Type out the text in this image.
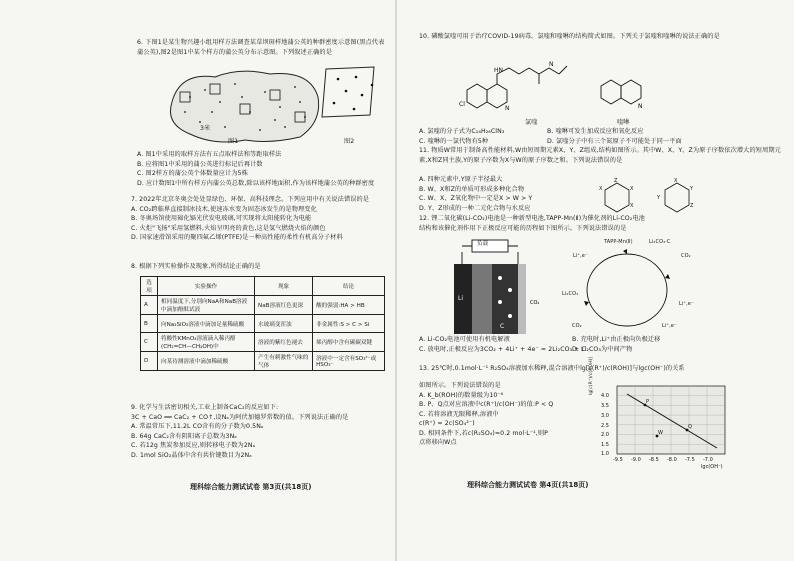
6. 下图1是某生物兴趣小组用样方法调查某草坝斑样地蒲公英的种群密度示意图(黑点代表蒲公英),图2是图1中某个样方的蒲公英分布示意图。下列叙述正确的是
3米
图1	图2
A. 图1中采用的取样方法有五点取样法和等距取样法
B. 应将图1中采用的蒲公英进行标记后再计数
C. 图2样方的蒲公英个体数量应计为5株
D. 应计数图1中所有样方内蒲公英总数,除以该样地面积,作为该样地蒲公英的种群密度
7. 2022年北京冬奥会处处显绿色、环保、高科技理念。下列应用中有关说法错误的是
A. CO₂跨临界直接制冰技术,使速冻水变为固态冰发生的是物理变化
B. 冬奥场馆使用碲化镉光伏发电玻璃,可实现将太阳能转化为电能
C. 火炬"飞扬"采用氢燃料,火焰呈明亮的黄色,这是氢气燃烧火焰的颜色
D. 国家速滑馆采用的聚四氟乙烯(PTFE)是一种高性能的柔性有机高分子材料
8. 根据下列实验操作及现象,所得结论正确的是
选项	实验操作	现象	结论
A	相同温度下,分别向NaA和NaB溶液中滴加酚酞试液	NaB溶液红色更深	酸的强弱:HA > HB
B	向Na₂SiO₃溶液中滴加足量稀硫酸	水玻璃变浑浊	非金属性:S > C > Si
C	将酸性KMnO₄溶液滴入稀丙醇(CH₂=CH—CH₂OH)中	溶液的紫红色褪去	烯丙醇中含有碳碳双键
D	向某待测溶液中滴加稀硫酸	产生有刺激性气味的气体	溶液中一定含有SO₃²⁻或HSO₃⁻
9. 化学与生活密切相关,工业上制备CaC₂的反应如下:
3C + CaO ══ CaC₂ + CO↑,设Nₐ为阿伏加德罗常数的值。下列说法正确的是
A. 常温常压下,11.2L CO含有的分子数为0.5Nₐ
B. 64g CaC₂含有阴阳离子总数为3Nₐ
C. 若12g 焦炭参加反应,则转移电子数为2Nₐ
D. 1mol SiO₂晶体中含有共价键数目为2Nₐ
理科综合能力测试试卷 第3页(共18页)
10. 磷酸氯喹可用于治疗COVID-19病毒。氯喹和喹啉的结构简式如图。下列关于氯喹和喹啉的说法正确的是
HN
Cl
N
N
氯喹
N
喹啉
A. 氯喹的分子式为C₁₈H₂₆ClN₃
C. 喹啉的一氯代物有5种
B. 喹啉可发生加成反应和氧化反应
D. 氯喹分子中有三个氮原子不可能处于同一平面
11. 物质W常用于制备高性能材料,W由短周期元素X、Y、Z组成,结构如图所示。其中W、X、Y、Z为原子序数依次增大的短周期元素,X和Z同主族,Y的原子序数为X与W的原子序数之和。下列说法错误的是
A. 四种元素中,Y原子半径最大
B. W、X和Z的单质可形成多种化合物
C. W、X、Z氧化物中一定是X > W > Y
D. Y、Z形成的一种二元化合物与水反应
Z
X
X
X
X
Y
Z
Y
12. 锂二氧化碳(Li-CO₂)电池是一种新型电池,TAPP-Mn(Ⅱ)为催化剂的Li-CO₂电池
结构和该催化剂作用下正极反应可能的历程如下图所示。下列说法错误的是
Li
C
CO₂
负载	TAPP-Mn(Ⅱ)	Li₂CO₃·C
Li⁺,e⁻	CO₂
Li₂CO₃
Li⁺,e⁻
CO₂	Li⁺,e⁻
A. Li-CO₂电池可使用有机电解液
C. 放电时,正极反应为3CO₂ + 4Li⁺ + 4e⁻ = 2Li₂CO₃ + C
B. 充电时,Li⁺由正极向负极迁移
D. Li₂CO₃为中间产物
13. 25℃时,0.1mol·L⁻¹ R₂SO₄溶液加水稀释,混合溶液中lg[c(R⁺)/c(ROH)]与lgc(OH⁻)的关系
如图所示。下列说法错误的是
A. K_b(ROH)的数量级为10⁻⁶
B. P、Q点对应溶液中c(R⁺)/c(OH⁻)的值:P < Q
C. 若将溶液无限稀释,溶液中
c(R⁺) ≈ 2c(SO₄²⁻)
D. 相同条件下,若c(R₂SO₄)=0.2 mol·L⁻¹,则P
点将移向W点
P
Q
W
4.0
3.5
3.0
2.5
2.0
1.5
1.0
-9.5 -9.0 -8.5 -8.0 -7.5 -7.0
lgc(OH⁻)
lg[c(R⁺)/c(ROH)]
理科综合能力测试试卷 第4页(共18页)
